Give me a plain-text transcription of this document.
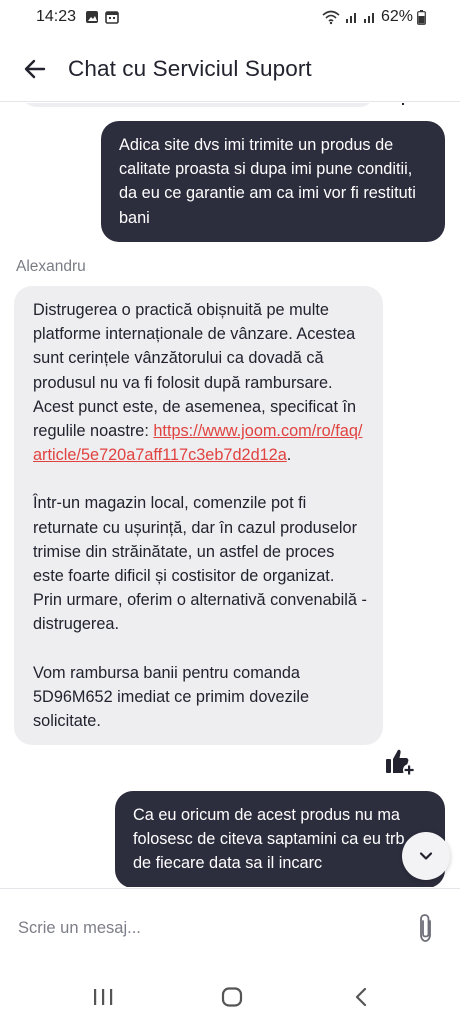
14:23	62%
Chat cu Serviciul Suport
Adica site dvs imi trimite un produs de calitate proasta si dupa imi pune conditii, da eu ce garantie am ca imi vor fi restituti bani
Alexandru

Distrugerea o practică obișnuită pe multe platforme internaționale de vânzare. Acestea sunt cerințele vânzătorului ca dovadă că produsul nu va fi folosit după rambursare. Acest punct este, de asemenea, specificat în regulile noastre: https://www.joom.com/ro/faq/article/5e720a7aff117c3eb7d2d12a.

Într-un magazin local, comenzile pot fi returnate cu ușurință, dar în cazul produselor trimise din străinătate, un astfel de proces este foarte dificil și costisitor de organizat. Prin urmare, oferim o alternativă convenabilă - distrugerea.

Vom rambursa banii pentru comanda 5D96M652 imediat ce primim dovezile solicitate.

Ca eu oricum de acest produs nu ma folosesc de citeva saptamini ca eu trb de fiecare data sa il incarc
Scrie un mesaj...
